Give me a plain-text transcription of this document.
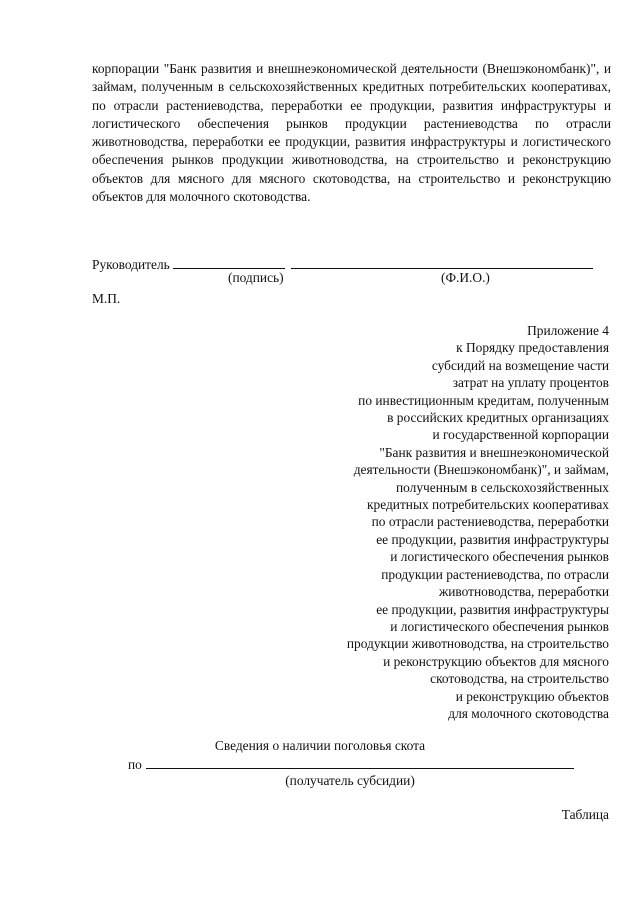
корпорации "Банк развития и внешнеэкономической деятельности (Внешэкономбанк)", и займам, полученным в сельскохозяйственных кредитных потребительских кооперативах, по отрасли растениеводства, переработки ее продукции, развития инфраструктуры и логистического обеспечения рынков продукции растениеводства по отрасли животноводства, переработки ее продукции, развития инфраструктуры и логистического обеспечения рынков продукции животноводства, на строительство и реконструкцию объектов для мясного для мясного скотоводства, на строительство и реконструкцию объектов для молочного скотоводства.

Руководитель
(подпись)	(Ф.И.О.)
М.П.
Приложение 4
к Порядку предоставления
субсидий на возмещение части
затрат на уплату процентов
по инвестиционным кредитам, полученным
в российских кредитных организациях
и государственной корпорации
"Банк развития и внешнеэкономической
деятельности (Внешэкономбанк)", и займам,
полученным в сельскохозяйственных
кредитных потребительских кооперативах
по отрасли растениеводства, переработки
ее продукции, развития инфраструктуры
и логистического обеспечения рынков
продукции растениеводства, по отрасли
животноводства, переработки
ее продукции, развития инфраструктуры
и логистического обеспечения рынков
продукции животноводства, на строительство
и реконструкцию объектов для мясного
скотоводства, на строительство
и реконструкцию объектов
для молочного скотоводства
Сведения о наличии поголовья скота
по
(получатель субсидии)
Таблица
